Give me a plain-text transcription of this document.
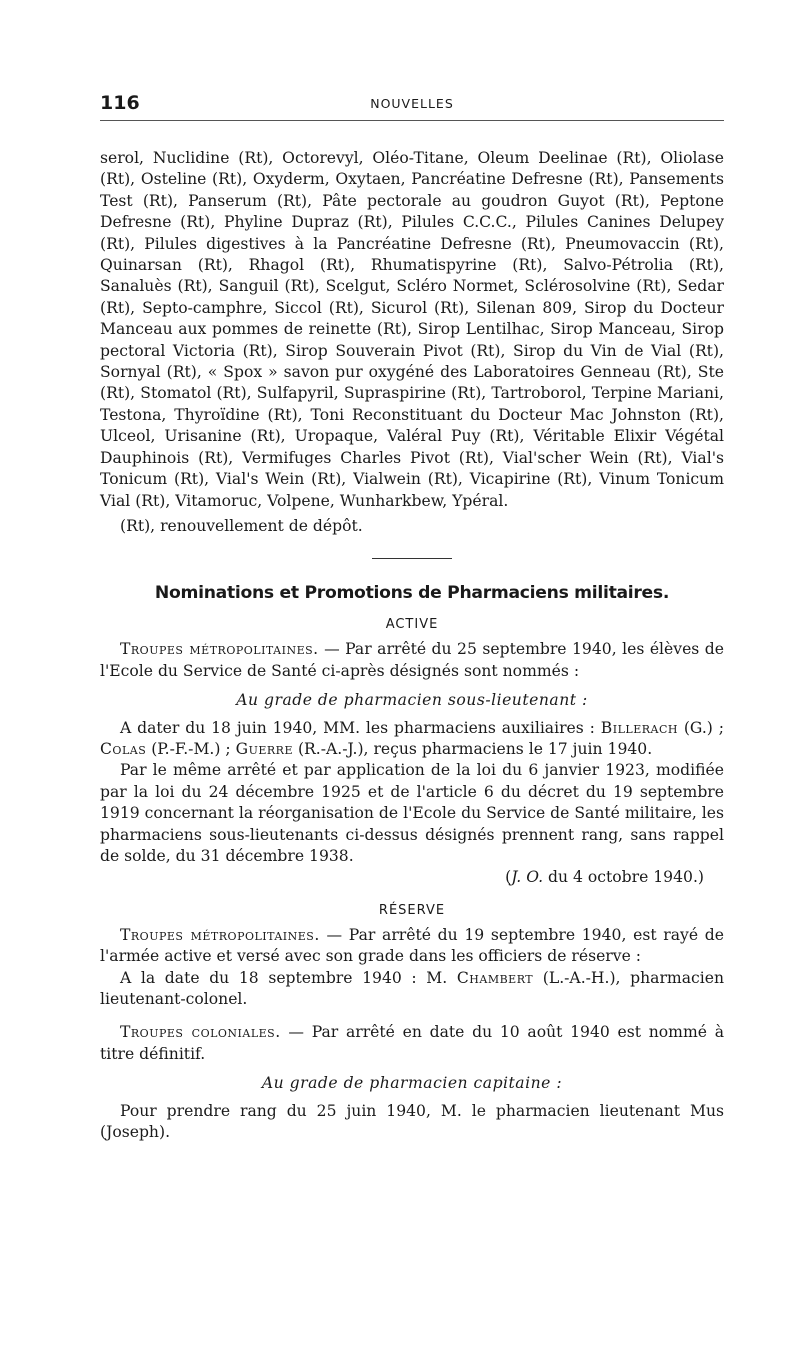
116	NOUVELLES

serol, Nuclidine (Rt), Octorevyl, Oléo-Titane, Oleum Deelinae (Rt), Oliolase (Rt), Osteline (Rt), Oxyderm, Oxytaen, Pancréatine Defresne (Rt), Pansements Test (Rt), Panserum (Rt), Pâte pectorale au goudron Guyot (Rt), Peptone Defresne (Rt), Phyline Dupraz (Rt), Pilules C.C.C., Pilules Canines Delupey (Rt), Pilules digestives à la Pancréatine Defresne (Rt), Pneumovaccin (Rt), Quinarsan (Rt), Rhagol (Rt), Rhumatispyrine (Rt), Salvo-Pétrolia (Rt), Sanaluès (Rt), Sanguil (Rt), Scelgut, Scléro Normet, Sclérosolvine (Rt), Sedar (Rt), Septo-camphre, Siccol (Rt), Sicurol (Rt), Silenan 809, Sirop du Docteur Manceau aux pommes de reinette (Rt), Sirop Lentilhac, Sirop Manceau, Sirop pectoral Victoria (Rt), Sirop Souverain Pivot (Rt), Sirop du Vin de Vial (Rt), Sornyal (Rt), « Spox » savon pur oxygéné des Laboratoires Genneau (Rt), Ste (Rt), Stomatol (Rt), Sulfapyril, Supraspirine (Rt), Tartroborol, Terpine Mariani, Testona, Thyroïdine (Rt), Toni Reconstituant du Docteur Mac Johnston (Rt), Ulceol, Urisanine (Rt), Uropaque, Valéral Puy (Rt), Véritable Elixir Végétal Dauphinois (Rt), Vermifuges Charles Pivot (Rt), Vial'scher Wein (Rt), Vial's Tonicum (Rt), Vial's Wein (Rt), Vialwein (Rt), Vicapirine (Rt), Vinum Tonicum Vial (Rt), Vitamoruc, Volpene, Wunharkbew, Ypéral.

(Rt), renouvellement de dépôt.

Nominations et Promotions de Pharmaciens militaires.
ACTIVE

Troupes métropolitaines. — Par arrêté du 25 septembre 1940, les élèves de l'Ecole du Service de Santé ci-après désignés sont nommés :

Au grade de pharmacien sous-lieutenant :

A dater du 18 juin 1940, MM. les pharmaciens auxiliaires : Billerach (G.) ; Colas (P.-F.-M.) ; Guerre (R.-A.-J.), reçus pharmaciens le 17 juin 1940.

Par le même arrêté et par application de la loi du 6 janvier 1923, modifiée par la loi du 24 décembre 1925 et de l'article 6 du décret du 19 septembre 1919 concernant la réorganisation de l'Ecole du Service de Santé militaire, les pharmaciens sous-lieutenants ci-dessus désignés prennent rang, sans rappel de solde, du 31 décembre 1938.

(J. O. du 4 octobre 1940.)

RÉSERVE

Troupes métropolitaines. — Par arrêté du 19 septembre 1940, est rayé de l'armée active et versé avec son grade dans les officiers de réserve :

A la date du 18 septembre 1940 : M. Chambert (L.-A.-H.), pharmacien lieutenant-colonel.

Troupes coloniales. — Par arrêté en date du 10 août 1940 est nommé à titre définitif.

Au grade de pharmacien capitaine :

Pour prendre rang du 25 juin 1940, M. le pharmacien lieutenant Mus (Joseph).
